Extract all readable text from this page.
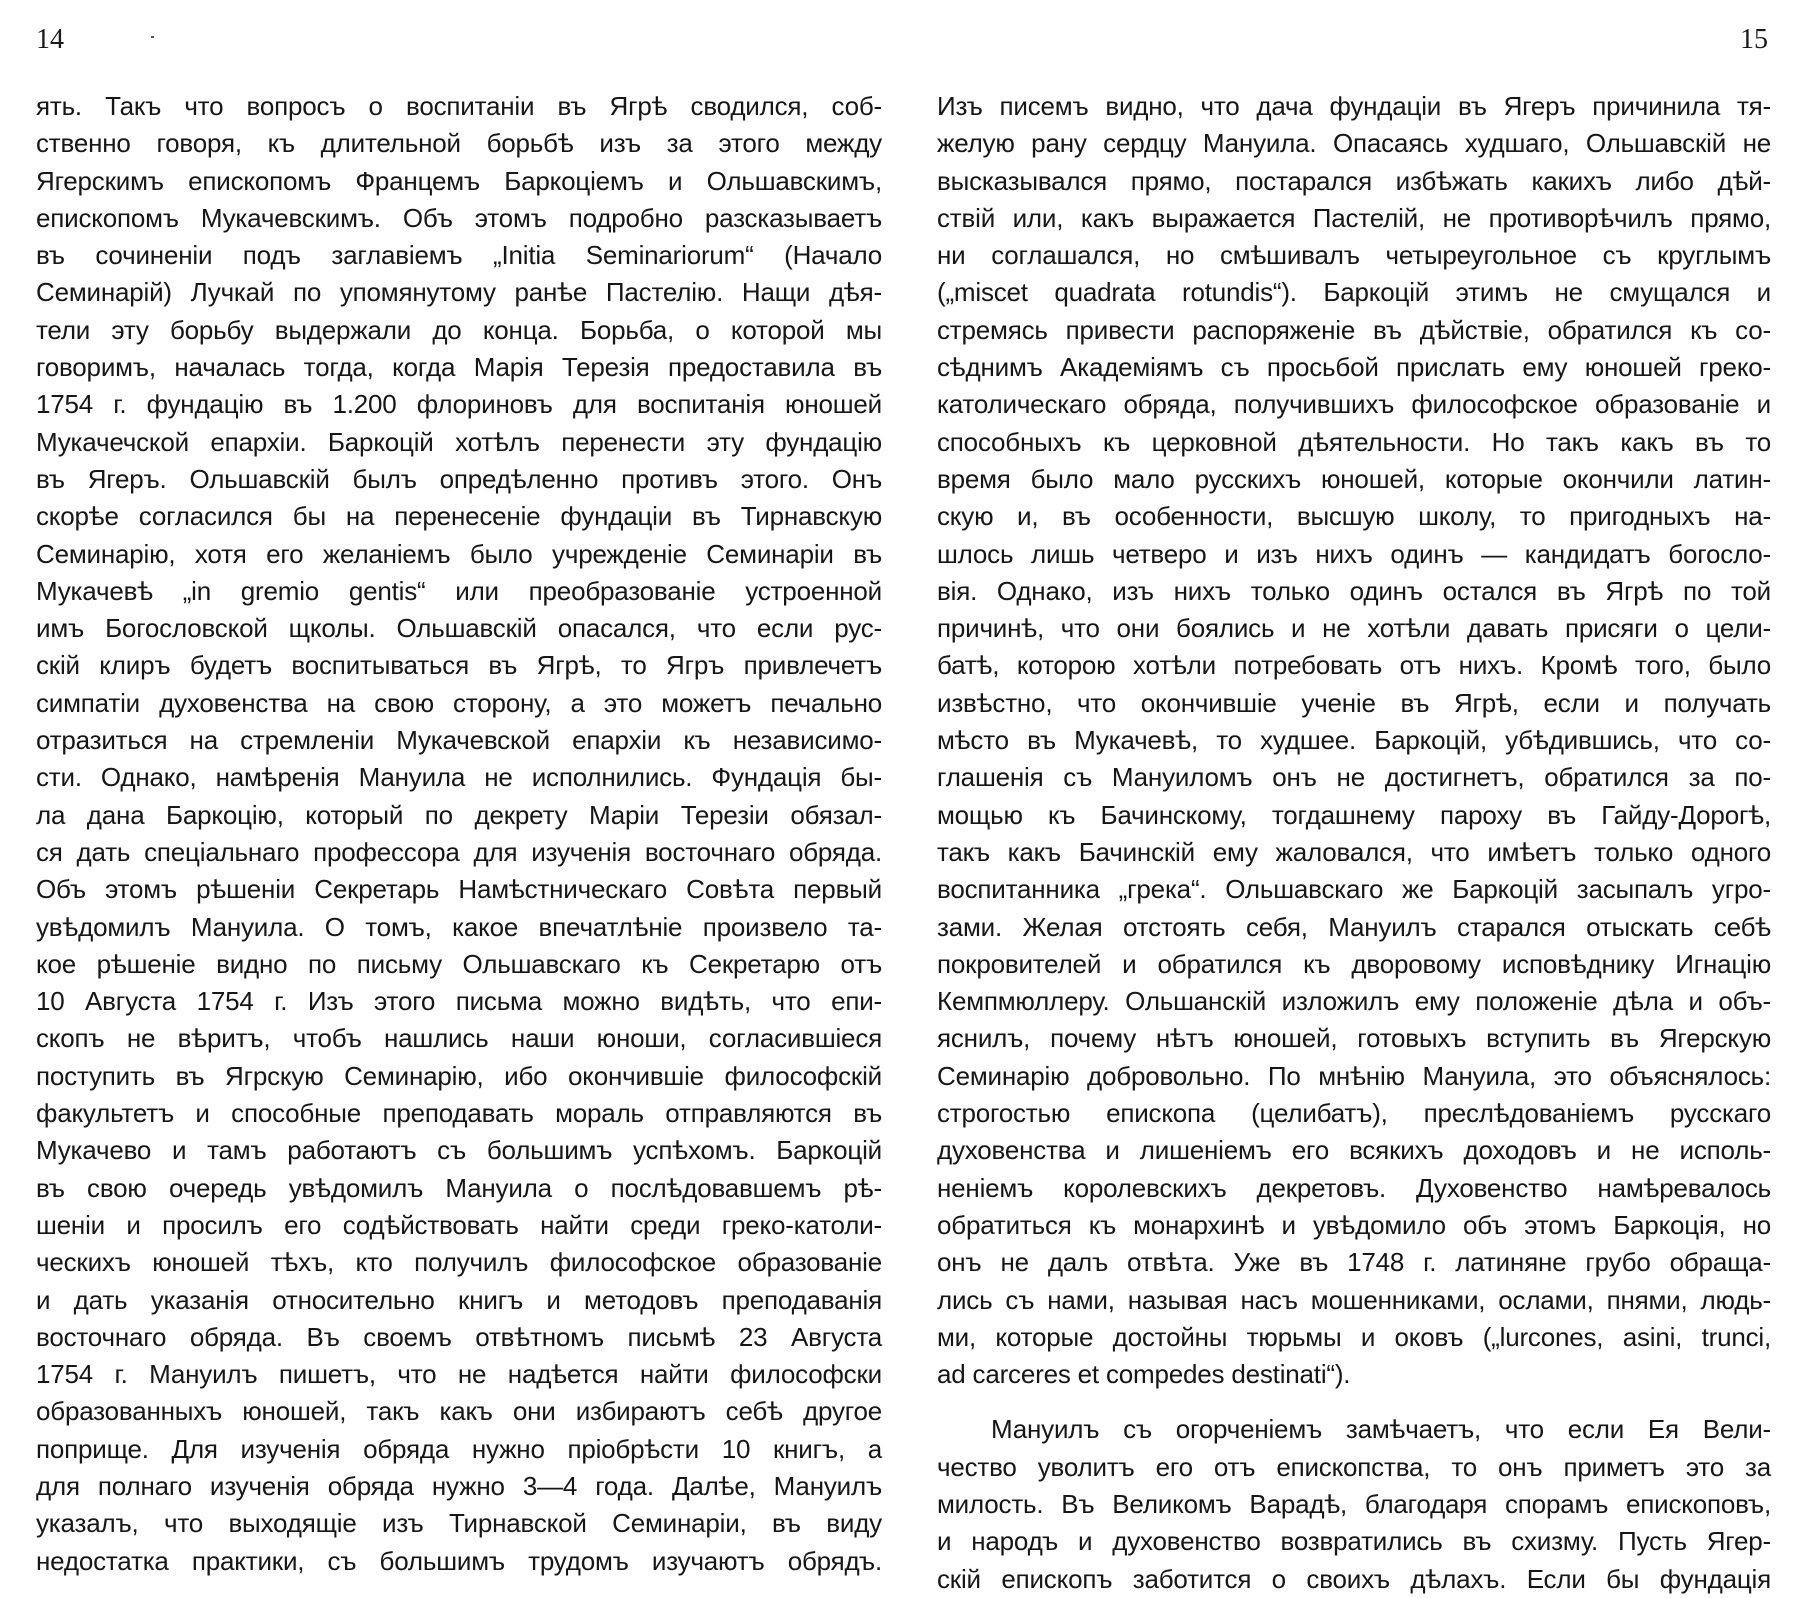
14
ять. Такъ что вопросъ о воспитаніи въ Ягрѣ сводился, соб-
ственно говоря, къ длительной борьбѣ изъ за этого между
Ягерскимъ епископомъ Францемъ Баркоціемъ и Ольшавскимъ,
епископомъ Мукачевскимъ. Объ этомъ подробно разсказываетъ
въ сочиненіи подъ заглавіемъ „Initia Seminariorum“ (Начало
Семинарій) Лучкай по упомянутому ранѣе Пастелію. Нащи дѣя-
тели эту борьбу выдержали до конца. Борьба, о которой мы
говоримъ, началась тогда, когда Марія Терезія предоставила въ
1754 г. фундацію въ 1.200 флориновъ для воспитанія юношей
Мукачечской епархіи. Баркоцій хотѣлъ перенести эту фундацію
въ Ягеръ. Ольшавскій былъ опредѣленно противъ этого. Онъ
скорѣе согласился бы на перенесеніе фундаціи въ Тирнавскую
Семинарію, хотя его желаніемъ было учрежденіе Семинаріи въ
Мукачевѣ „in gremio gentis“ или преобразованіе устроенной
имъ Богословской щколы. Ольшавскій опасался, что если рус-
скій клиръ будетъ воспитываться въ Ягрѣ, то Ягръ привлечетъ
симпатіи духовенства на свою сторону, а это можетъ печально
отразиться на стремленіи Мукачевской епархіи къ независимо-
сти. Однако, намѣренія Мануила не исполнились. Фундація бы-
ла дана Баркоцію, который по декрету Маріи Терезіи обязал-
ся дать спеціальнаго профессора для изученія восточнаго обряда.
Объ этомъ рѣшеніи Секретарь Намѣстническаго Совѣта первый
увѣдомилъ Мануила. О томъ, какое впечатлѣніе произвело та-
кое рѣшеніе видно по письму Ольшавскаго къ Секретарю отъ
10 Августа 1754 г. Изъ этого письма можно видѣть, что епи-
скопъ не вѣритъ, чтобъ нашлись наши юноши, согласившіеся
поступить въ Ягрскую Семинарію, ибо окончившіе философскій
факультетъ и способные преподавать мораль отправляются въ
Мукачево и тамъ работаютъ съ большимъ успѣхомъ. Баркоцій
въ свою очередь увѣдомилъ Мануила о послѣдовавшемъ рѣ-
шеніи и просилъ его содѣйствовать найти среди греко-католи-
ческихъ юношей тѣхъ, кто получилъ философское образованіе
и дать указанія относительно книгъ и методовъ преподаванія
восточнаго обряда. Въ своемъ отвѣтномъ письмѣ 23 Августа
1754 г. Мануилъ пишетъ, что не надѣется найти философски
образованныхъ юношей, такъ какъ они избираютъ себѣ другое
поприще. Для изученія обряда нужно пріобрѣсти 10 книгъ, а
для полнаго изученія обряда нужно 3—4 года. Далѣе, Мануилъ
указалъ, что выходящіе изъ Тирнавской Семинаріи, въ виду
недостатка практики, съ большимъ трудомъ изучаютъ обрядъ.
15
Изъ писемъ видно, что дача фундаціи въ Ягеръ причинила тя-
желую рану сердцу Мануила. Опасаясь худшаго, Ольшавскій не
высказывался прямо, постарался избѣжать какихъ либо дѣй-
ствій или, какъ выражается Пастелій, не противорѣчилъ прямо,
ни соглашался, но смѣшивалъ четыреугольное съ круглымъ
(„miscet quadrata rotundis“). Баркоцій этимъ не смущался и
стремясь привести распоряженіе въ дѣйствіе, обратился къ со-
сѣднимъ Академіямъ съ просьбой прислать ему юношей греко-
католическаго обряда, получившихъ философское образованіе и
способныхъ къ церковной дѣятельности. Но такъ какъ въ то
время было мало русскихъ юношей, которые окончили латин-
скую и, въ особенности, высшую школу, то пригодныхъ на-
шлось лишь четверо и изъ нихъ одинъ — кандидатъ богосло-
вія. Однако, изъ нихъ только одинъ остался въ Ягрѣ по той
причинѣ, что они боялись и не хотѣли давать присяги о цели-
батѣ, которою хотѣли потребовать отъ нихъ. Кромѣ того, было
извѣстно, что окончившіе ученіе въ Ягрѣ, если и получать
мѣсто въ Мукачевѣ, то худшее. Баркоцій, убѣдившись, что со-
глашенія съ Мануиломъ онъ не достигнетъ, обратился за по-
мощью къ Бачинскому, тогдашнему пароху въ Гайду-Дорогѣ,
такъ какъ Бачинскій ему жаловался, что имѣетъ только одного
воспитанника „грека“. Ольшавскаго же Баркоцій засыпалъ угро-
зами. Желая отстоять себя, Мануилъ старался отыскать себѣ
покровителей и обратился къ дворовому исповѣднику Игнацію
Кемпмюллеру. Ольшанскій изложилъ ему положеніе дѣла и объ-
яснилъ, почему нѣтъ юношей, готовыхъ вступить въ Ягерскую
Семинарію добровольно. По мнѣнію Мануила, это объяснялось:
строгостью епископа (целибатъ), преслѣдованіемъ русскаго
духовенства и лишеніемъ его всякихъ доходовъ и не исполь-
неніемъ королевскихъ декретовъ. Духовенство намѣревалось
обратиться къ монархинѣ и увѣдомило объ этомъ Баркоція, но
онъ не далъ отвѣта. Уже въ 1748 г. латиняне грубо обраща-
лись съ нами, называя насъ мошенниками, ослами, пнями, людь-
ми, которые достойны тюрьмы и оковъ („lurcones, asini, trunci,
ad carceres et compedes destinati“).
Мануилъ съ огорченіемъ замѣчаетъ, что если Ея Вели-
чество уволитъ его отъ епископства, то онъ приметъ это за
милость. Въ Великомъ Варадѣ, благодаря спорамъ епископовъ,
и народъ и духовенство возвратились въ схизму. Пусть Ягер-
скій епископъ заботится о своихъ дѣлахъ. Если бы фундація
